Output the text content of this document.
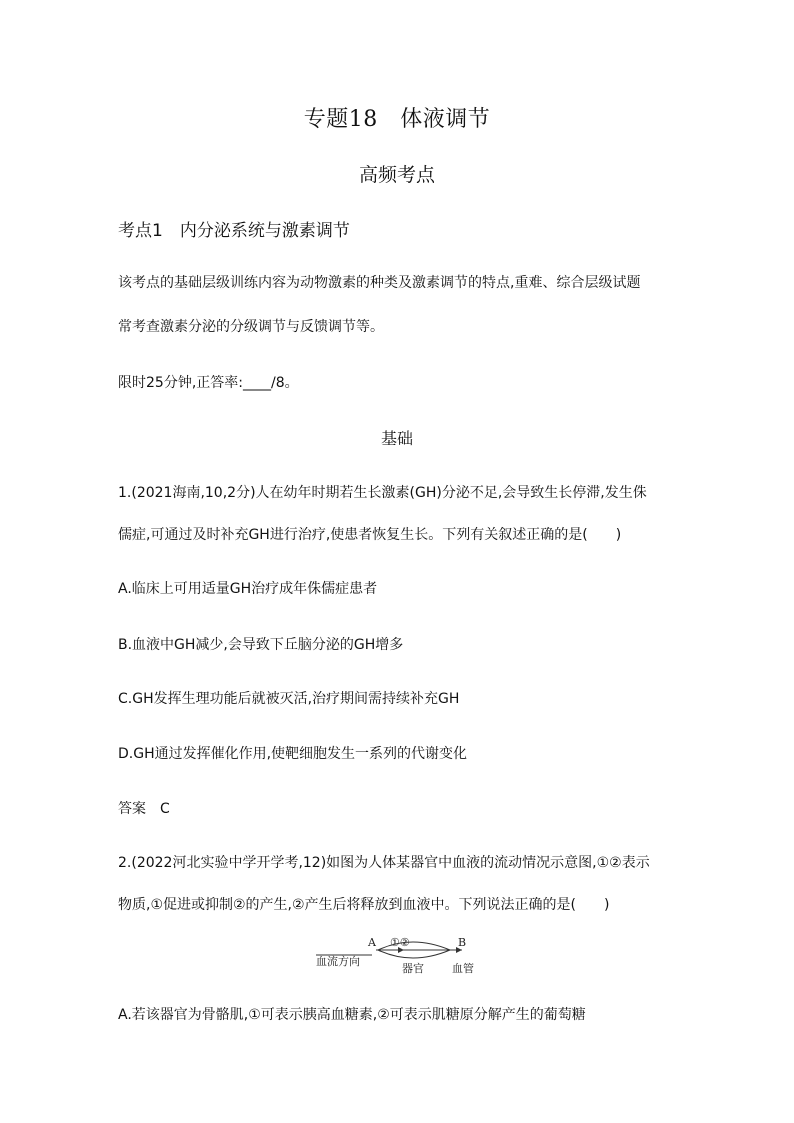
专题18　体液调节
高频考点
考点1　内分泌系统与激素调节
该考点的基础层级训练内容为动物激素的种类及激素调节的特点,重难、综合层级试题
常考查激素分泌的分级调节与反馈调节等。
限时25分钟,正答率:____/8。
基础
1.(2021海南,10,2分)人在幼年时期若生长激素(GH)分泌不足,会导致生长停滞,发生侏
儒症,可通过及时补充GH进行治疗,使患者恢复生长。下列有关叙述正确的是(　　)
A.临床上可用适量GH治疗成年侏儒症患者
B.血液中GH减少,会导致下丘脑分泌的GH增多
C.GH发挥生理功能后就被灭活,治疗期间需持续补充GH
D.GH通过发挥催化作用,使靶细胞发生一系列的代谢变化
答案　C
2.(2022河北实验中学开学考,12)如图为人体某器官中血液的流动情况示意图,①②表示
物质,①促进或抑制②的产生,②产生后将释放到血液中。下列说法正确的是(　　)
A	B
①②
血流方向
器官	血管
A.若该器官为骨骼肌,①可表示胰高血糖素,②可表示肌糖原分解产生的葡萄糖
